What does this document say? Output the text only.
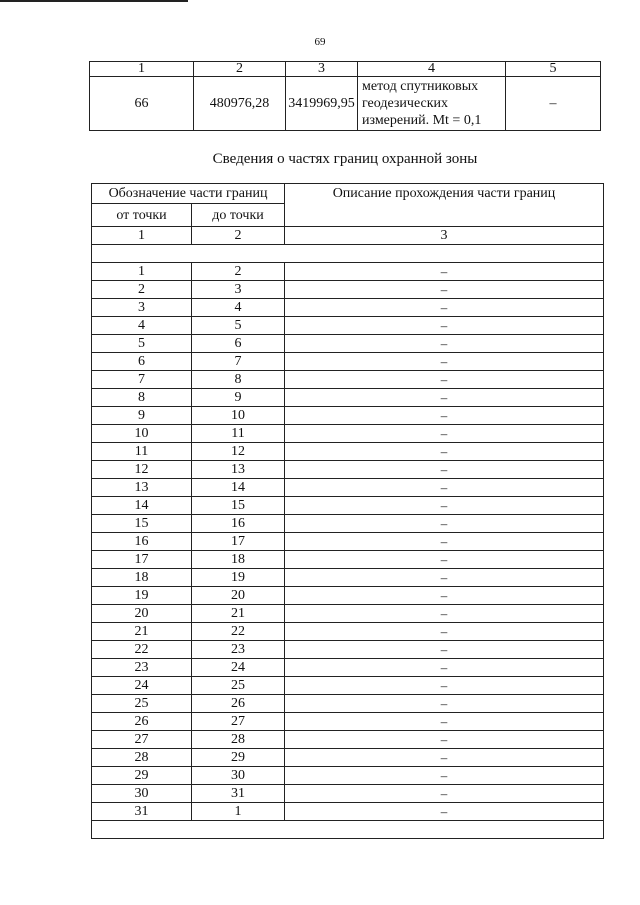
69
1	2	3	4	5
66	480976,28	3419969,95	метод спутниковых геодезических измерений. Mt = 0,1	–
Сведения о частях границ охранной зоны
Обозначение части границ		Описание прохождения части границ
от точки	до точки	
1	2	3

1	2	–
2	3	–
3	4	–
4	5	–
5	6	–
6	7	–
7	8	–
8	9	–
9	10	–
10	11	–
11	12	–
12	13	–
13	14	–
14	15	–
15	16	–
16	17	–
17	18	–
18	19	–
19	20	–
20	21	–
21	22	–
22	23	–
23	24	–
24	25	–
25	26	–
26	27	–
27	28	–
28	29	–
29	30	–
30	31	–
31	1	–
